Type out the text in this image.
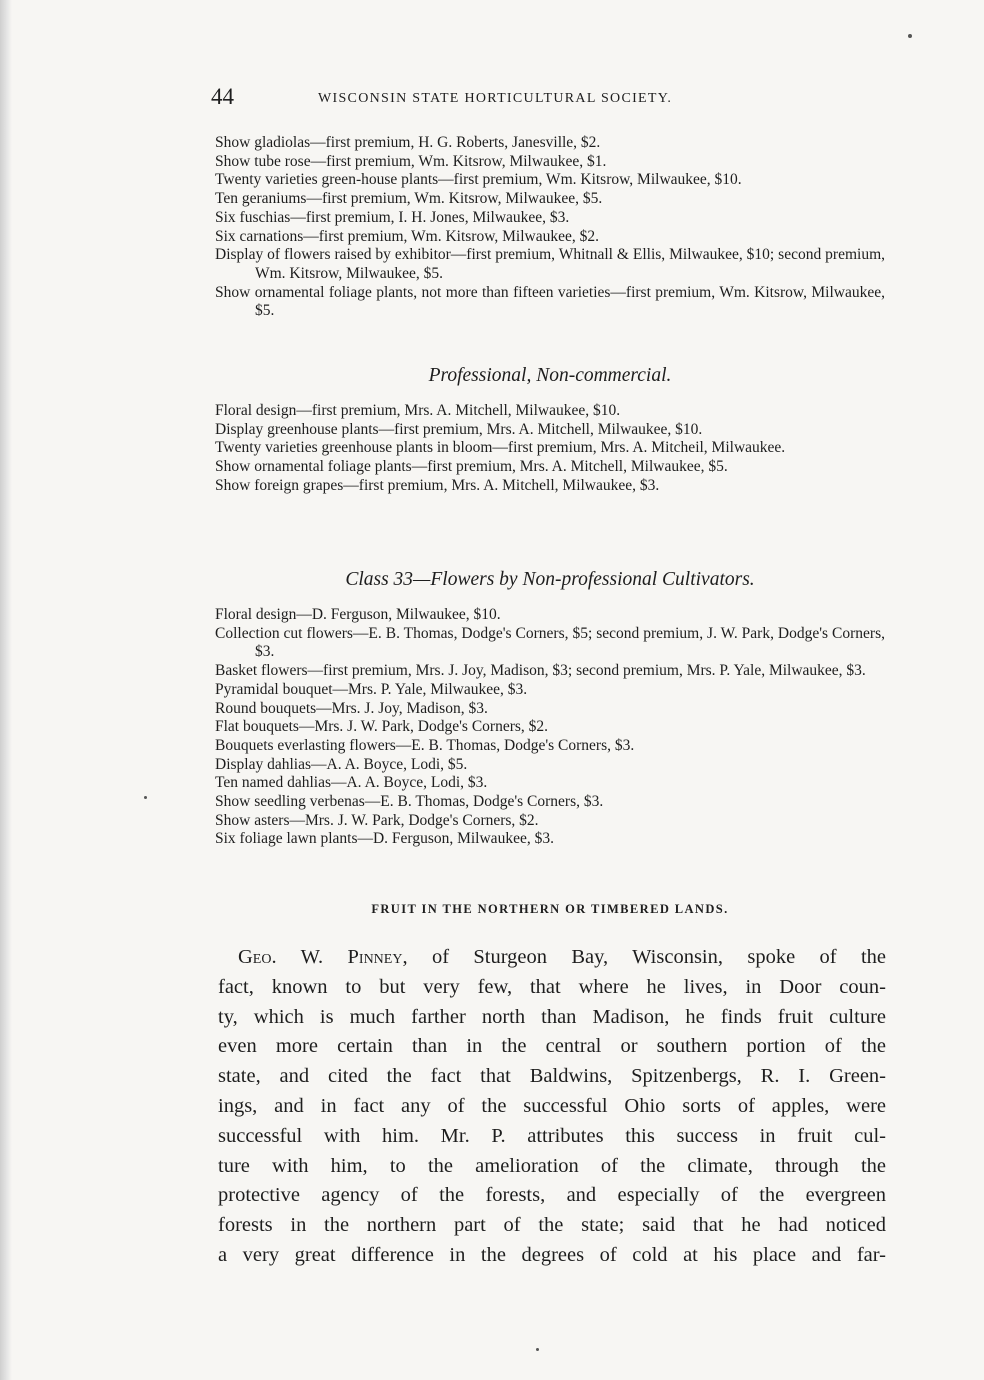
44	WISCONSIN STATE HORTICULTURAL SOCIETY.

Show gladiolas—first premium, H. G. Roberts, Janesville, $2.

Show tube rose—first premium, Wm. Kitsrow, Milwaukee, $1.

Twenty varieties green-house plants—first premium, Wm. Kitsrow, Milwaukee, $10.

Ten geraniums—first premium, Wm. Kitsrow, Milwaukee, $5.

Six fuschias—first premium, I. H. Jones, Milwaukee, $3.

Six carnations—first premium, Wm. Kitsrow, Milwaukee, $2.

Display of flowers raised by exhibitor—first premium, Whitnall & Ellis, Milwaukee, $10; second premium, Wm. Kitsrow, Milwaukee, $5.

Show ornamental foliage plants, not more than fifteen varieties—first premium, Wm. Kitsrow, Milwaukee, $5.

Professional, Non-commercial.

Floral design—first premium, Mrs. A. Mitchell, Milwaukee, $10.

Display greenhouse plants—first premium, Mrs. A. Mitchell, Milwaukee, $10.

Twenty varieties greenhouse plants in bloom—first premium, Mrs. A. Mitcheil, Milwaukee.

Show ornamental foliage plants—first premium, Mrs. A. Mitchell, Milwaukee, $5.

Show foreign grapes—first premium, Mrs. A. Mitchell, Milwaukee, $3.

Class 33—Flowers by Non-professional Cultivators.

Floral design—D. Ferguson, Milwaukee, $10.

Collection cut flowers—E. B. Thomas, Dodge's Corners, $5; second premium, J. W. Park, Dodge's Corners, $3.

Basket flowers—first premium, Mrs. J. Joy, Madison, $3; second premium, Mrs. P. Yale, Milwaukee, $3.

Pyramidal bouquet—Mrs. P. Yale, Milwaukee, $3.

Round bouquets—Mrs. J. Joy, Madison, $3.

Flat bouquets—Mrs. J. W. Park, Dodge's Corners, $2.

Bouquets everlasting flowers—E. B. Thomas, Dodge's Corners, $3.

Display dahlias—A. A. Boyce, Lodi, $5.

Ten named dahlias—A. A. Boyce, Lodi, $3.

Show seedling verbenas—E. B. Thomas, Dodge's Corners, $3.

Show asters—Mrs. J. W. Park, Dodge's Corners, $2.

Six foliage lawn plants—D. Ferguson, Milwaukee, $3.

FRUIT IN THE NORTHERN OR TIMBERED LANDS.

Geo. W. Pinney, of Sturgeon Bay, Wisconsin, spoke of the
fact, known to but very few, that where he lives, in Door coun-
ty, which is much farther north than Madison, he finds fruit culture
even more certain than in the central or southern portion of the
state, and cited the fact that Baldwins, Spitzenbergs, R. I. Green-
ings, and in fact any of the successful Ohio sorts of apples, were
successful with him. Mr. P. attributes this success in fruit cul-
ture with him, to the amelioration of the climate, through the
protective agency of the forests, and especially of the evergreen
forests in the northern part of the state; said that he had noticed
a very great difference in the degrees of cold at his place and far-
